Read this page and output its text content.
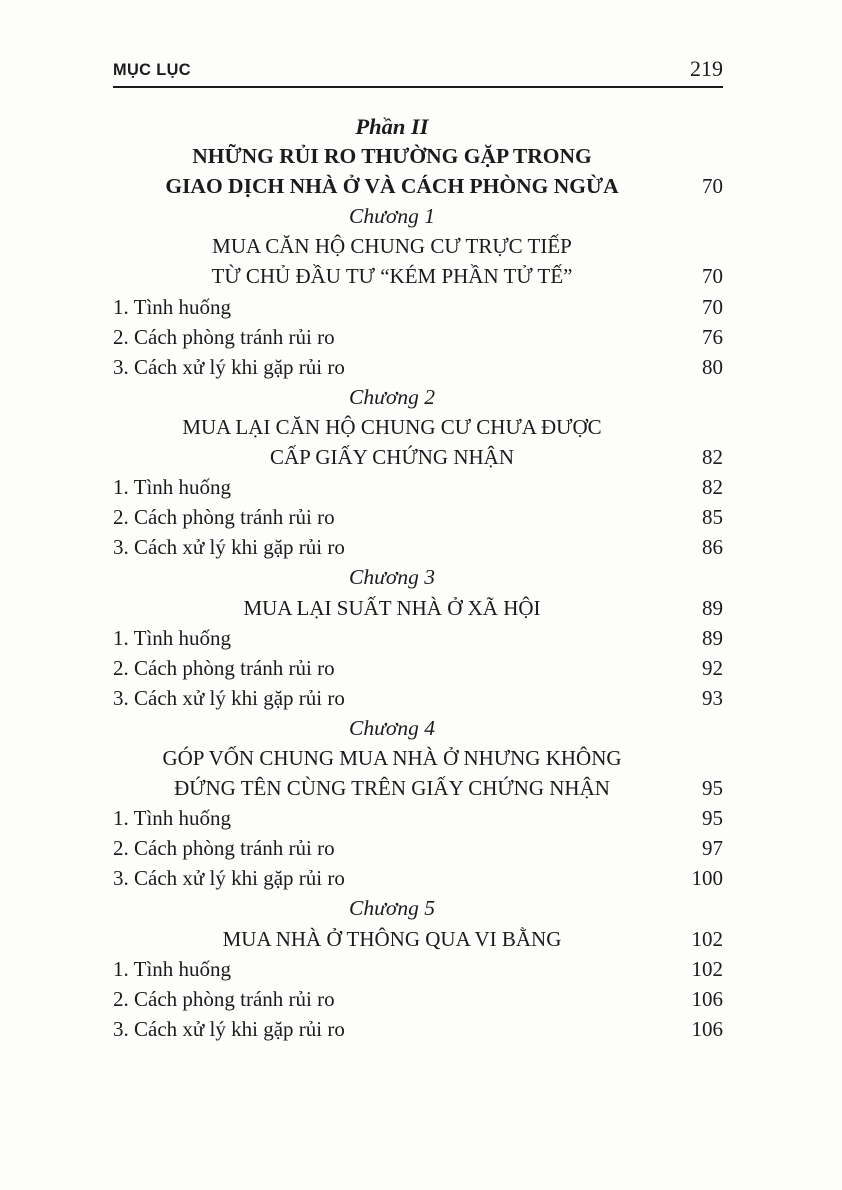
MỤC LỤC	219
Phần II
NHỮNG RỦI RO THƯỜNG GẶP TRONG
GIAO DỊCH NHÀ Ở VÀ CÁCH PHÒNG NGỪA	70
Chương 1
MUA CĂN HỘ CHUNG CƯ TRỰC TIẾP
TỪ CHỦ ĐẦU TƯ “KÉM PHẦN TỬ TẾ”	70
1. Tình huống	70
2. Cách phòng tránh rủi ro	76
3. Cách xử lý khi gặp rủi ro	80
Chương 2
MUA LẠI CĂN HỘ CHUNG CƯ CHƯA ĐƯỢC
CẤP GIẤY CHỨNG NHẬN	82
1. Tình huống	82
2. Cách phòng tránh rủi ro	85
3. Cách xử lý khi gặp rủi ro	86
Chương 3
MUA LẠI SUẤT NHÀ Ở XÃ HỘI	89
1. Tình huống	89
2. Cách phòng tránh rủi ro	92
3. Cách xử lý khi gặp rủi ro	93
Chương 4
GÓP VỐN CHUNG MUA NHÀ Ở NHƯNG KHÔNG
ĐỨNG TÊN CÙNG TRÊN GIẤY CHỨNG NHẬN	95
1. Tình huống	95
2. Cách phòng tránh rủi ro	97
3. Cách xử lý khi gặp rủi ro	100
Chương 5
MUA NHÀ Ở THÔNG QUA VI BẰNG	102
1. Tình huống	102
2. Cách phòng tránh rủi ro	106
3. Cách xử lý khi gặp rủi ro	106
